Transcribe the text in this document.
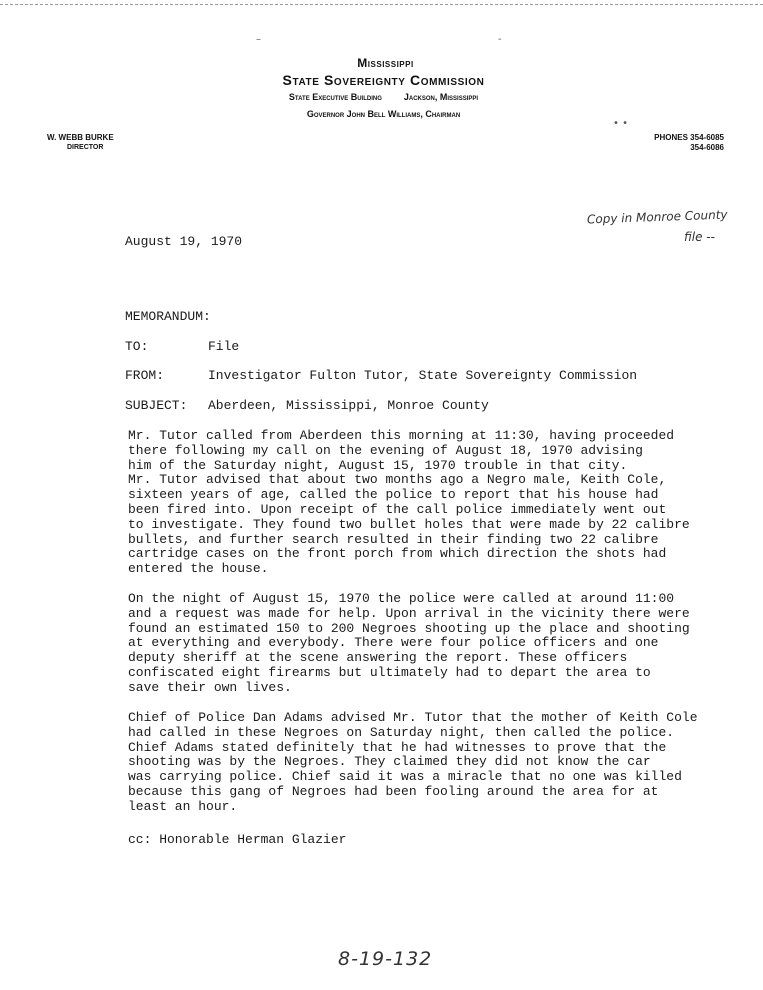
Mississippi
State Sovereignty Commission
State Executive Building Jackson, Mississippi
Governor John Bell Williams, Chairman
W. WEBB BURKE
DIRECTOR
PHONES 354-6085
354-6086
–	-
• •
Copy in Monroe County
file --
August 19, 1970
MEMORANDUM:
TO:	File
FROM:	Investigator Fulton Tutor, State Sovereignty Commission
SUBJECT: Aberdeen, Mississippi, Monroe County
Mr. Tutor called from Aberdeen this morning at 11:30, having proceeded
there following my call on the evening of August 18, 1970 advising
him of the Saturday night, August 15, 1970 trouble in that city.
Mr. Tutor advised that about two months ago a Negro male, Keith Cole,
sixteen years of age, called the police to report that his house had
been fired into. Upon receipt of the call police immediately went out
to investigate. They found two bullet holes that were made by 22 calibre
bullets, and further search resulted in their finding two 22 calibre
cartridge cases on the front porch from which direction the shots had
entered the house.
On the night of August 15, 1970 the police were called at around 11:00
and a request was made for help. Upon arrival in the vicinity there were
found an estimated 150 to 200 Negroes shooting up the place and shooting
at everything and everybody. There were four police officers and one
deputy sheriff at the scene answering the report. These officers
confiscated eight firearms but ultimately had to depart the area to
save their own lives.
Chief of Police Dan Adams advised Mr. Tutor that the mother of Keith Cole
had called in these Negroes on Saturday night, then called the police.
Chief Adams stated definitely that he had witnesses to prove that the
shooting was by the Negroes. They claimed they did not know the car
was carrying police. Chief said it was a miracle that no one was killed
because this gang of Negroes had been fooling around the area for at
least an hour.
cc: Honorable Herman Glazier
8-19-132
